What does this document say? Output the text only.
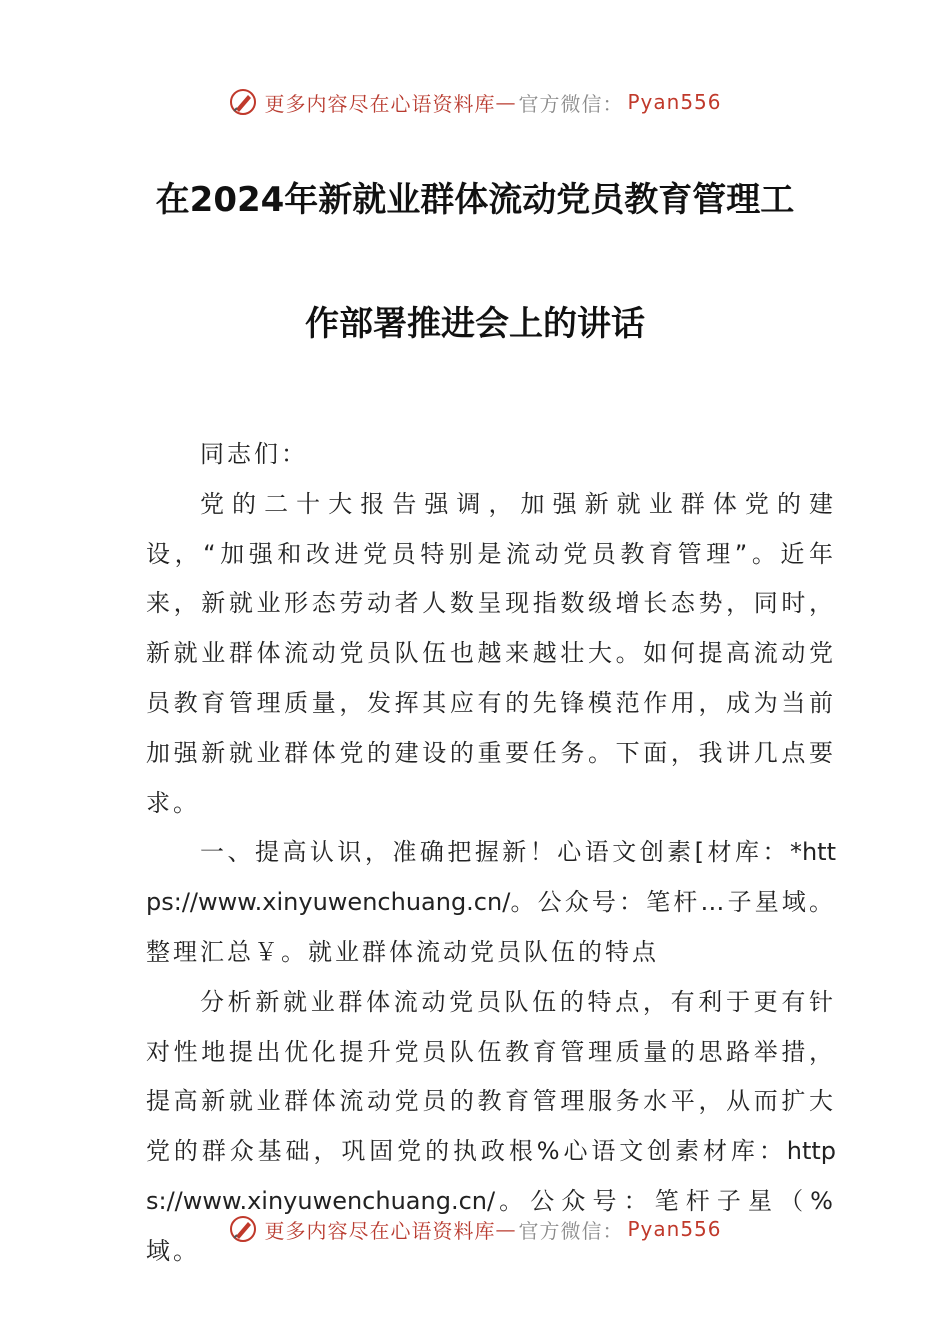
更多内容尽在心语资料库 — 官方微信： Pyan556
在2024年新就业群体流动党员教育管理工
作部署推进会上的讲话

同志们：

党的二十大报告强调，加强新就业群体党的建设，“加强和改进党员特别是流动党员教育管理”。近年来，新就业形态劳动者人数呈现指数级增长态势，同时，新就业群体流动党员队伍也越来越壮大。如何提高流动党员教育管理质量，发挥其应有的先锋模范作用，成为当前加强新就业群体党的建设的重要任务。下面，我讲几点要求。

一、提高认识，准确把握新！心语文创素[材库：*https://www.xinyuwenchuang.cn/。公众号：笔杆…子星域。整理汇总￥。就业群体流动党员队伍的特点

分析新就业群体流动党员队伍的特点，有利于更有针对性地提出优化提升党员队伍教育管理质量的思路举措，提高新就业群体流动党员的教育管理服务水平，从而扩大党的群众基础，巩固党的执政根%心语文创素材库：https://www.xinyuwenchuang.cn/。公众号：笔杆子星（%域。

更多内容尽在心语资料库 — 官方微信： Pyan556
